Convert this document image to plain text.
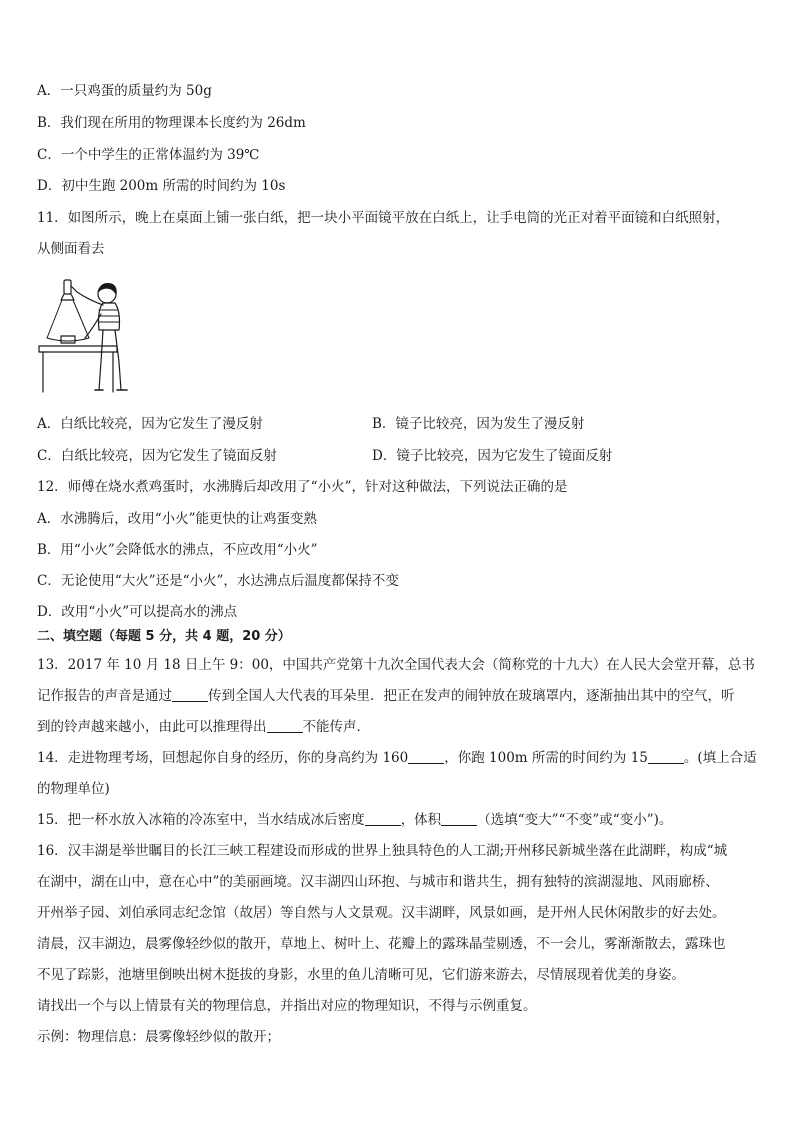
A．一只鸡蛋的质量约为 50g
B．我们现在所用的物理课本长度约为 26dm
C．一个中学生的正常体温约为 39℃
D．初中生跑 200m 所需的时间约为 10s
11．如图所示，晚上在桌面上铺一张白纸，把一块小平面镜平放在白纸上，让手电筒的光正对着平面镜和白纸照射，
从侧面看去
A．白纸比较亮，因为它发生了漫反射	B．镜子比较亮，因为发生了漫反射
C．白纸比较亮，因为它发生了镜面反射	D．镜子比较亮，因为它发生了镜面反射
12．师傅在烧水煮鸡蛋时，水沸腾后却改用了“小火”，针对这种做法，下列说法正确的是
A．水沸腾后，改用“小火”能更快的让鸡蛋变熟
B．用“小火”会降低水的沸点，不应改用“小火”
C．无论使用“大火”还是“小火”，水达沸点后温度都保持不变
D．改用“小火”可以提高水的沸点
二、填空题（每题 5 分，共 4 题，20 分）
13．2017 年 10 月 18 日上午 9：00，中国共产党第十九次全国代表大会（简称党的十九大）在人民大会堂开幕，总书
记作报告的声音是通过	传到全国人大代表的耳朵里．把正在发声的闹钟放在玻璃罩内，逐渐抽出其中的空气，听
到的铃声越来越小，由此可以推理得出	不能传声．
14．走进物理考场，回想起你自身的经历，你的身高约为 160	，你跑 100m 所需的时间约为 15	。(填上合适
的物理单位)
15．把一杯水放入冰箱的冷冻室中，当水结成冰后密度	，体积	（选填“变大”“不变”或“变小”)。
16．汉丰湖是举世瞩目的长江三峡工程建设而形成的世界上独具特色的人工湖;开州移民新城坐落在此湖畔，构成“城
在湖中，湖在山中，意在心中”的美丽画境。汉丰湖四山环抱、与城市和谐共生，拥有独特的滨湖湿地、风雨廊桥、
开州举子园、刘伯承同志纪念馆（故居）等自然与人文景观。汉丰湖畔，风景如画，是开州人民休闲散步的好去处。
清晨，汉丰湖边，晨雾像轻纱似的散开，草地上、树叶上、花瓣上的露珠晶莹剔透，不一会儿，雾渐渐散去，露珠也
不见了踪影，池塘里倒映出树木挺拔的身影，水里的鱼儿清晰可见，它们游来游去，尽情展现着优美的身姿。
请找出一个与以上情景有关的物理信息，并指出对应的物理知识，不得与示例重复。
示例：物理信息：晨雾像轻纱似的散开；
